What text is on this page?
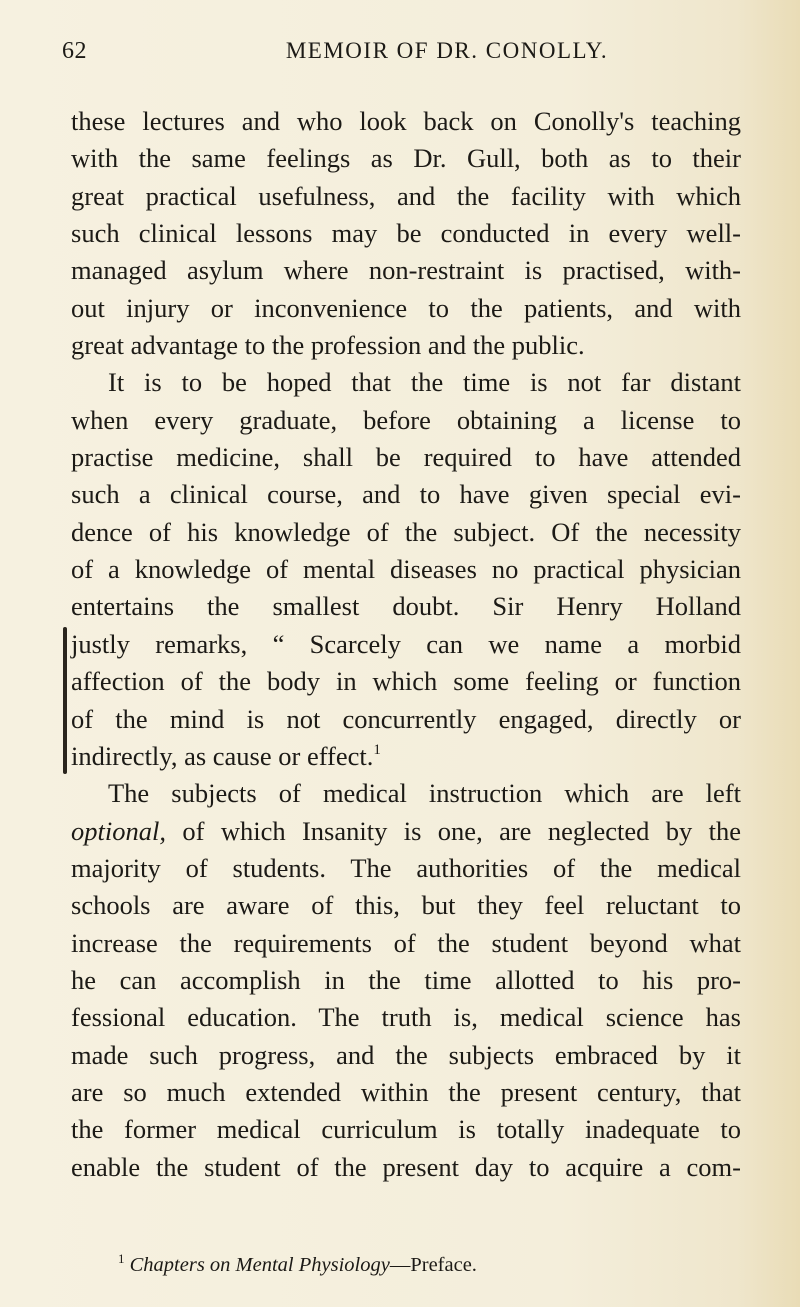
62	MEMOIR OF DR. CONOLLY.
these lectures and who look back on Conolly's teaching
with the same feelings as Dr. Gull, both as to their
great practical usefulness, and the facility with which
such clinical lessons may be conducted in every well-
managed asylum where non-restraint is practised, with-
out injury or inconvenience to the patients, and with
great advantage to the profession and the public.
It is to be hoped that the time is not far distant
when every graduate, before obtaining a license to
practise medicine, shall be required to have attended
such a clinical course, and to have given special evi-
dence of his knowledge of the subject. Of the necessity
of a knowledge of mental diseases no practical physician
entertains the smallest doubt. Sir Henry Holland
justly remarks, “ Scarcely can we name a morbid
affection of the body in which some feeling or function
of the mind is not concurrently engaged, directly or
indirectly, as cause or effect.$^1$
The subjects of medical instruction which are left
optional, of which Insanity is one, are neglected by the
majority of students. The authorities of the medical
schools are aware of this, but they feel reluctant to
increase the requirements of the student beyond what
he can accomplish in the time allotted to his pro-
fessional education. The truth is, medical science has
made such progress, and the subjects embraced by it
are so much extended within the present century, that
the former medical curriculum is totally inadequate to
enable the student of the present day to acquire a com-
$^1$ Chapters on Mental Physiology—Preface.
